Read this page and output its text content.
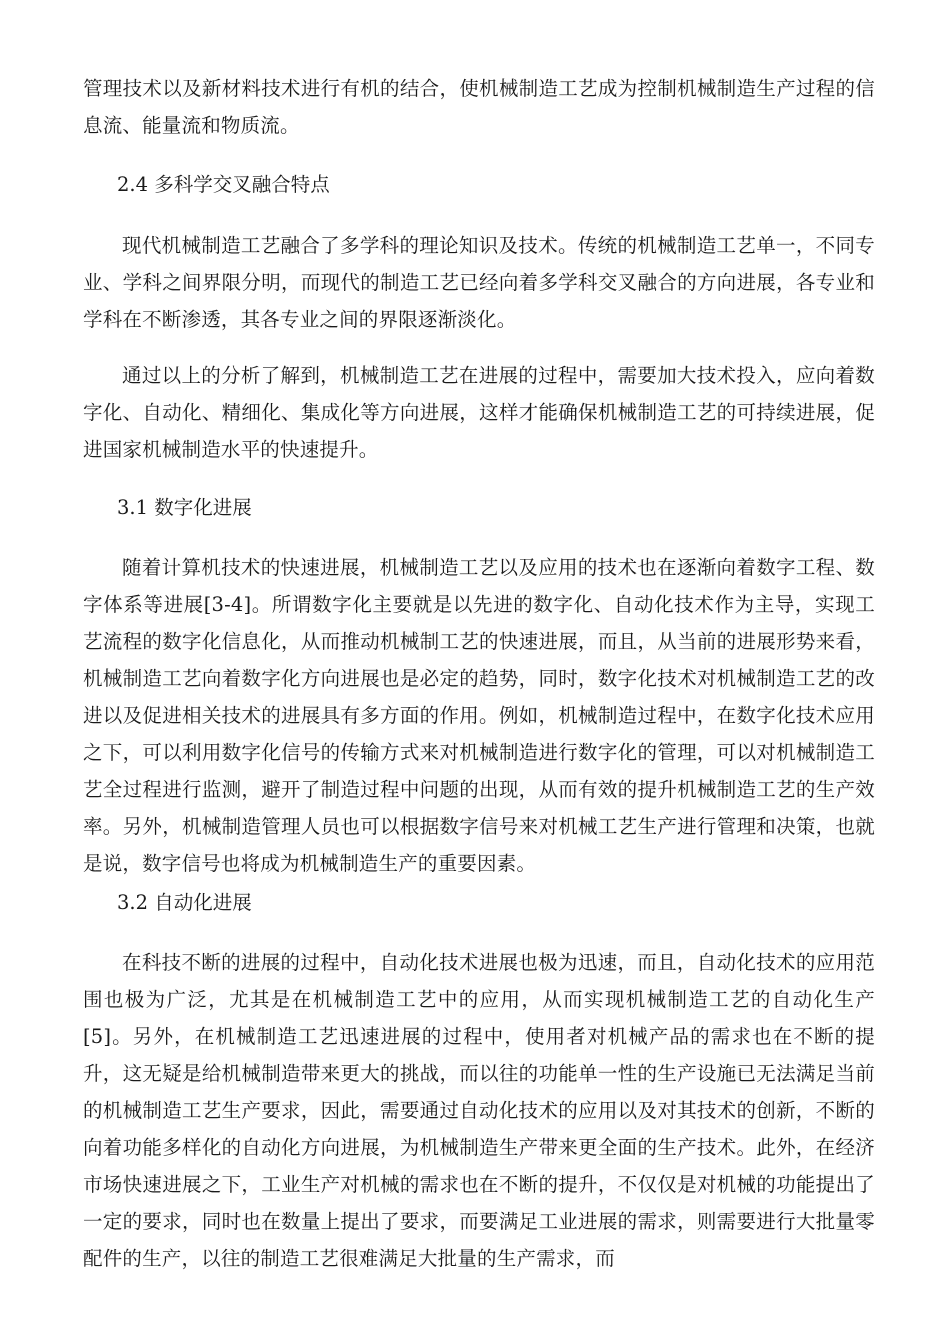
管理技术以及新材料技术进行有机的结合，使机械制造工艺成为控制机械制造生产过程的信息流、能量流和物质流。

2.4 多科学交叉融合特点

现代机械制造工艺融合了多学科的理论知识及技术。传统的机械制造工艺单一，不同专业、学科之间界限分明，而现代的制造工艺已经向着多学科交叉融合的方向进展，各专业和学科在不断渗透，其各专业之间的界限逐渐淡化。

通过以上的分析了解到，机械制造工艺在进展的过程中，需要加大技术投入，应向着数字化、自动化、精细化、集成化等方向进展，这样才能确保机械制造工艺的可持续进展，促进国家机械制造水平的快速提升。

3.1 数字化进展

随着计算机技术的快速进展，机械制造工艺以及应用的技术也在逐渐向着数字工程、数字体系等进展[3-4]。所谓数字化主要就是以先进的数字化、自动化技术作为主导，实现工艺流程的数字化信息化，从而推动机械制工艺的快速进展，而且，从当前的进展形势来看，机械制造工艺向着数字化方向进展也是必定的趋势，同时，数字化技术对机械制造工艺的改进以及促进相关技术的进展具有多方面的作用。例如，机械制造过程中，在数字化技术应用之下，可以利用数字化信号的传输方式来对机械制造进行数字化的管理，可以对机械制造工艺全过程进行监测，避开了制造过程中问题的出现，从而有效的提升机械制造工艺的生产效率。另外，机械制造管理人员也可以根据数字信号来对机械工艺生产进行管理和决策，也就是说，数字信号也将成为机械制造生产的重要因素。

3.2 自动化进展

在科技不断的进展的过程中，自动化技术进展也极为迅速，而且，自动化技术的应用范围也极为广泛，尤其是在机械制造工艺中的应用，从而实现机械制造工艺的自动化生产[5]。另外，在机械制造工艺迅速进展的过程中，使用者对机械产品的需求也在不断的提升，这无疑是给机械制造带来更大的挑战，而以往的功能单一性的生产设施已无法满足当前的机械制造工艺生产要求，因此，需要通过自动化技术的应用以及对其技术的创新，不断的向着功能多样化的自动化方向进展，为机械制造生产带来更全面的生产技术。此外，在经济市场快速进展之下，工业生产对机械的需求也在不断的提升，不仅仅是对机械的功能提出了一定的要求，同时也在数量上提出了要求，而要满足工业进展的需求，则需要进行大批量零配件的生产，以往的制造工艺很难满足大批量的生产需求，而
